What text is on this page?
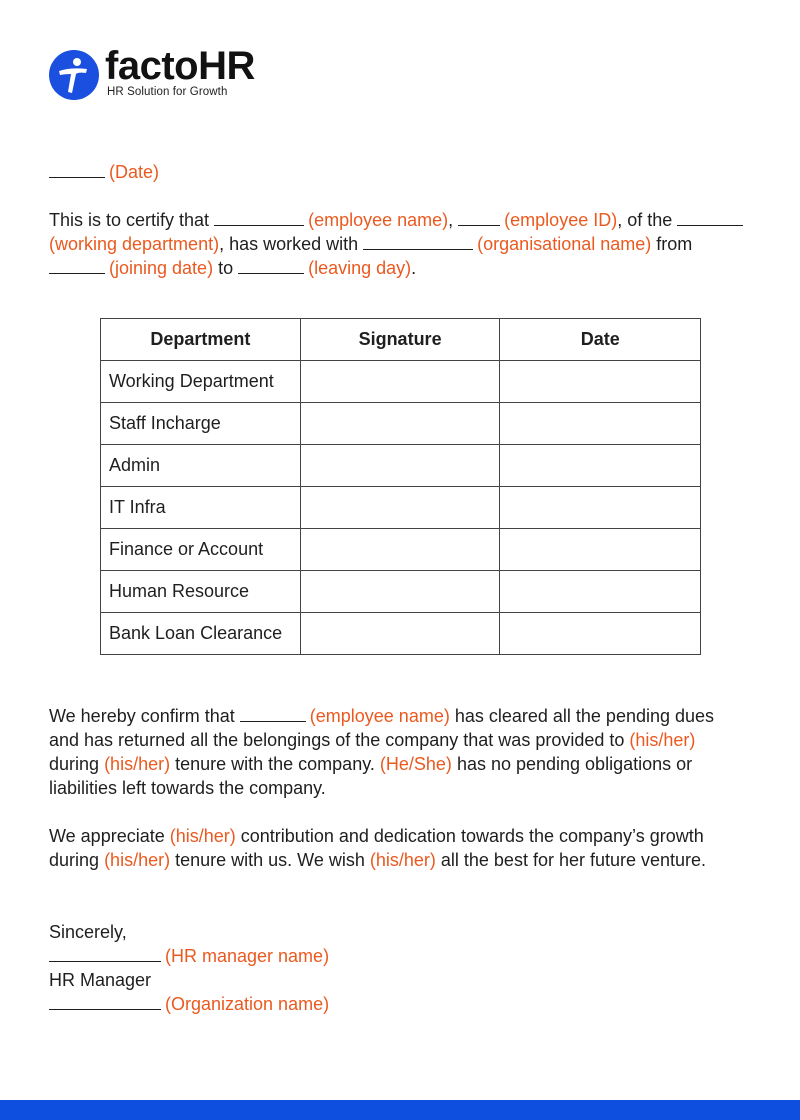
factoHR
HR Solution for Growth

(Date)

This is to certify that	(employee name),	(employee ID), of the (working department), has worked with	(organisational name) from (joining date) to	(leaving day).

Department	Signature	Date
Working Department		
Staff Incharge		
Admin		
IT Infra		
Finance or Account		
Human Resource		
Bank Loan Clearance		

We hereby confirm that	(employee name) has cleared all the pending dues and has returned all the belongings of the company that was provided to (his/her) during (his/her) tenure with the company. (He/She) has no pending obligations or liabilities left towards the company.

We appreciate (his/her) contribution and dedication towards the company’s growth during (his/her) tenure with us. We wish (his/her) all the best for her future venture.

Sincerely,
(HR manager name)
HR Manager
(Organization name)
